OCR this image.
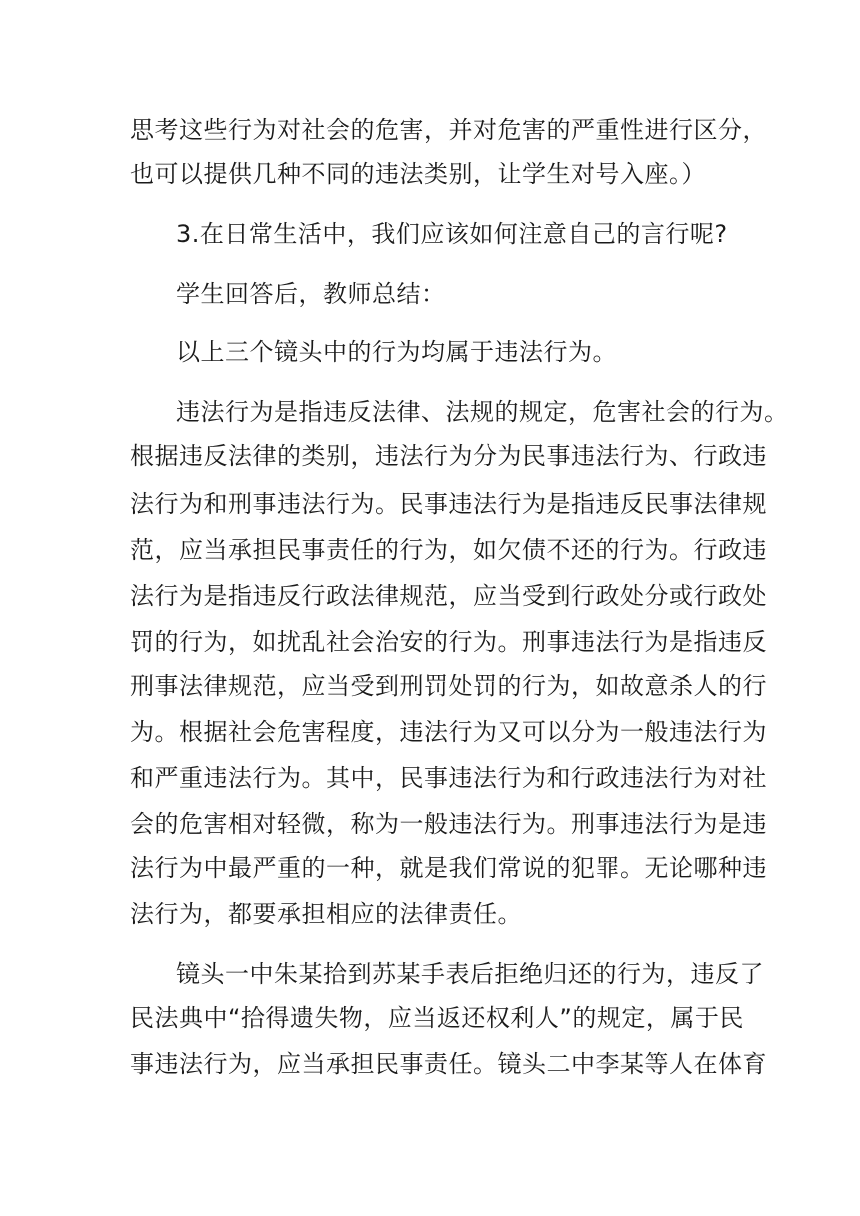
思考这些行为对社会的危害，并对危害的严重性进行区分，
也可以提供几种不同的违法类别，让学生对号入座。）
3.在日常生活中，我们应该如何注意自己的言行呢?
学生回答后，教师总结：
以上三个镜头中的行为均属于违法行为。
违法行为是指违反法律、法规的规定，危害社会的行为。
根据违反法律的类别，违法行为分为民事违法行为、行政违
法行为和刑事违法行为。民事违法行为是指违反民事法律规
范，应当承担民事责任的行为，如欠债不还的行为。行政违
法行为是指违反行政法律规范，应当受到行政处分或行政处
罚的行为，如扰乱社会治安的行为。刑事违法行为是指违反
刑事法律规范，应当受到刑罚处罚的行为，如故意杀人的行
为。根据社会危害程度，违法行为又可以分为一般违法行为
和严重违法行为。其中，民事违法行为和行政违法行为对社
会的危害相对轻微，称为一般违法行为。刑事违法行为是违
法行为中最严重的一种，就是我们常说的犯罪。无论哪种违
法行为，都要承担相应的法律责任。
镜头一中朱某拾到苏某手表后拒绝归还的行为，违反了
民法典中“拾得遗失物，应当返还权利人”的规定，属于民
事违法行为，应当承担民事责任。镜头二中李某等人在体育
